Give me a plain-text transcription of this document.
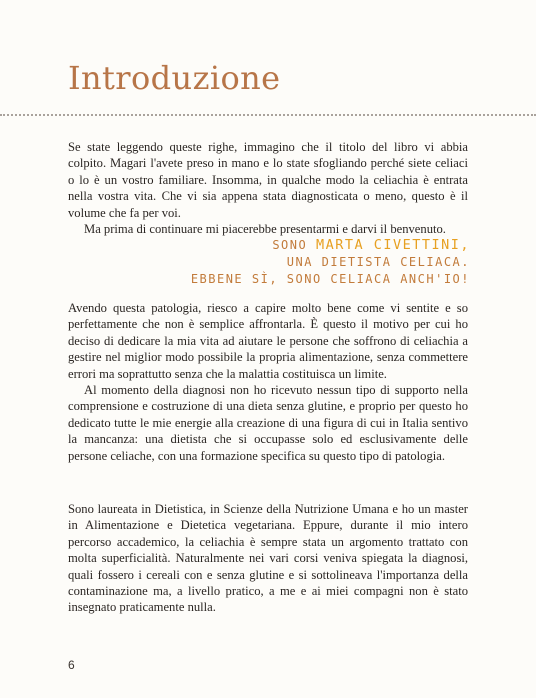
Introduzione

Se state leggendo queste righe, immagino che il titolo del libro vi abbia colpito. Magari l'avete preso in mano e lo state sfogliando perché siete celiaci o lo è un vostro familiare. Insomma, in qualche modo la celiachia è entrata nella vostra vita. Che vi sia appena stata diagnosticata o meno, questo è il volume che fa per voi.

Ma prima di continuare mi piacerebbe presentarmi e darvi il benvenuto.

SONO MARTA CIVETTINI,
UNA DIETISTA CELIACA.
EBBENE SÌ, SONO CELIACA ANCH'IO!

Avendo questa patologia, riesco a capire molto bene come vi sentite e so perfettamente che non è semplice affrontarla. È questo il motivo per cui ho deciso di dedicare la mia vita ad aiutare le persone che soffrono di celiachia a gestire nel miglior modo possibile la propria alimentazione, senza commettere errori ma soprattutto senza che la malattia costituisca un limite.

Al momento della diagnosi non ho ricevuto nessun tipo di supporto nella comprensione e costruzione di una dieta senza glutine, e proprio per questo ho dedicato tutte le mie energie alla creazione di una figura di cui in Italia sentivo la mancanza: una dietista che si occupasse solo ed esclusivamente delle persone celiache, con una formazione specifica su questo tipo di patologia.

Sono laureata in Dietistica, in Scienze della Nutrizione Umana e ho un master in Alimentazione e Dietetica vegetariana. Eppure, durante il mio intero percorso accademico, la celiachia è sempre stata un argomento trattato con molta superficialità. Naturalmente nei vari corsi veniva spiegata la diagnosi, quali fossero i cereali con e senza glutine e si sottolineava l'importanza della contaminazione ma, a livello pratico, a me e ai miei compagni non è stato insegnato praticamente nulla.

6
